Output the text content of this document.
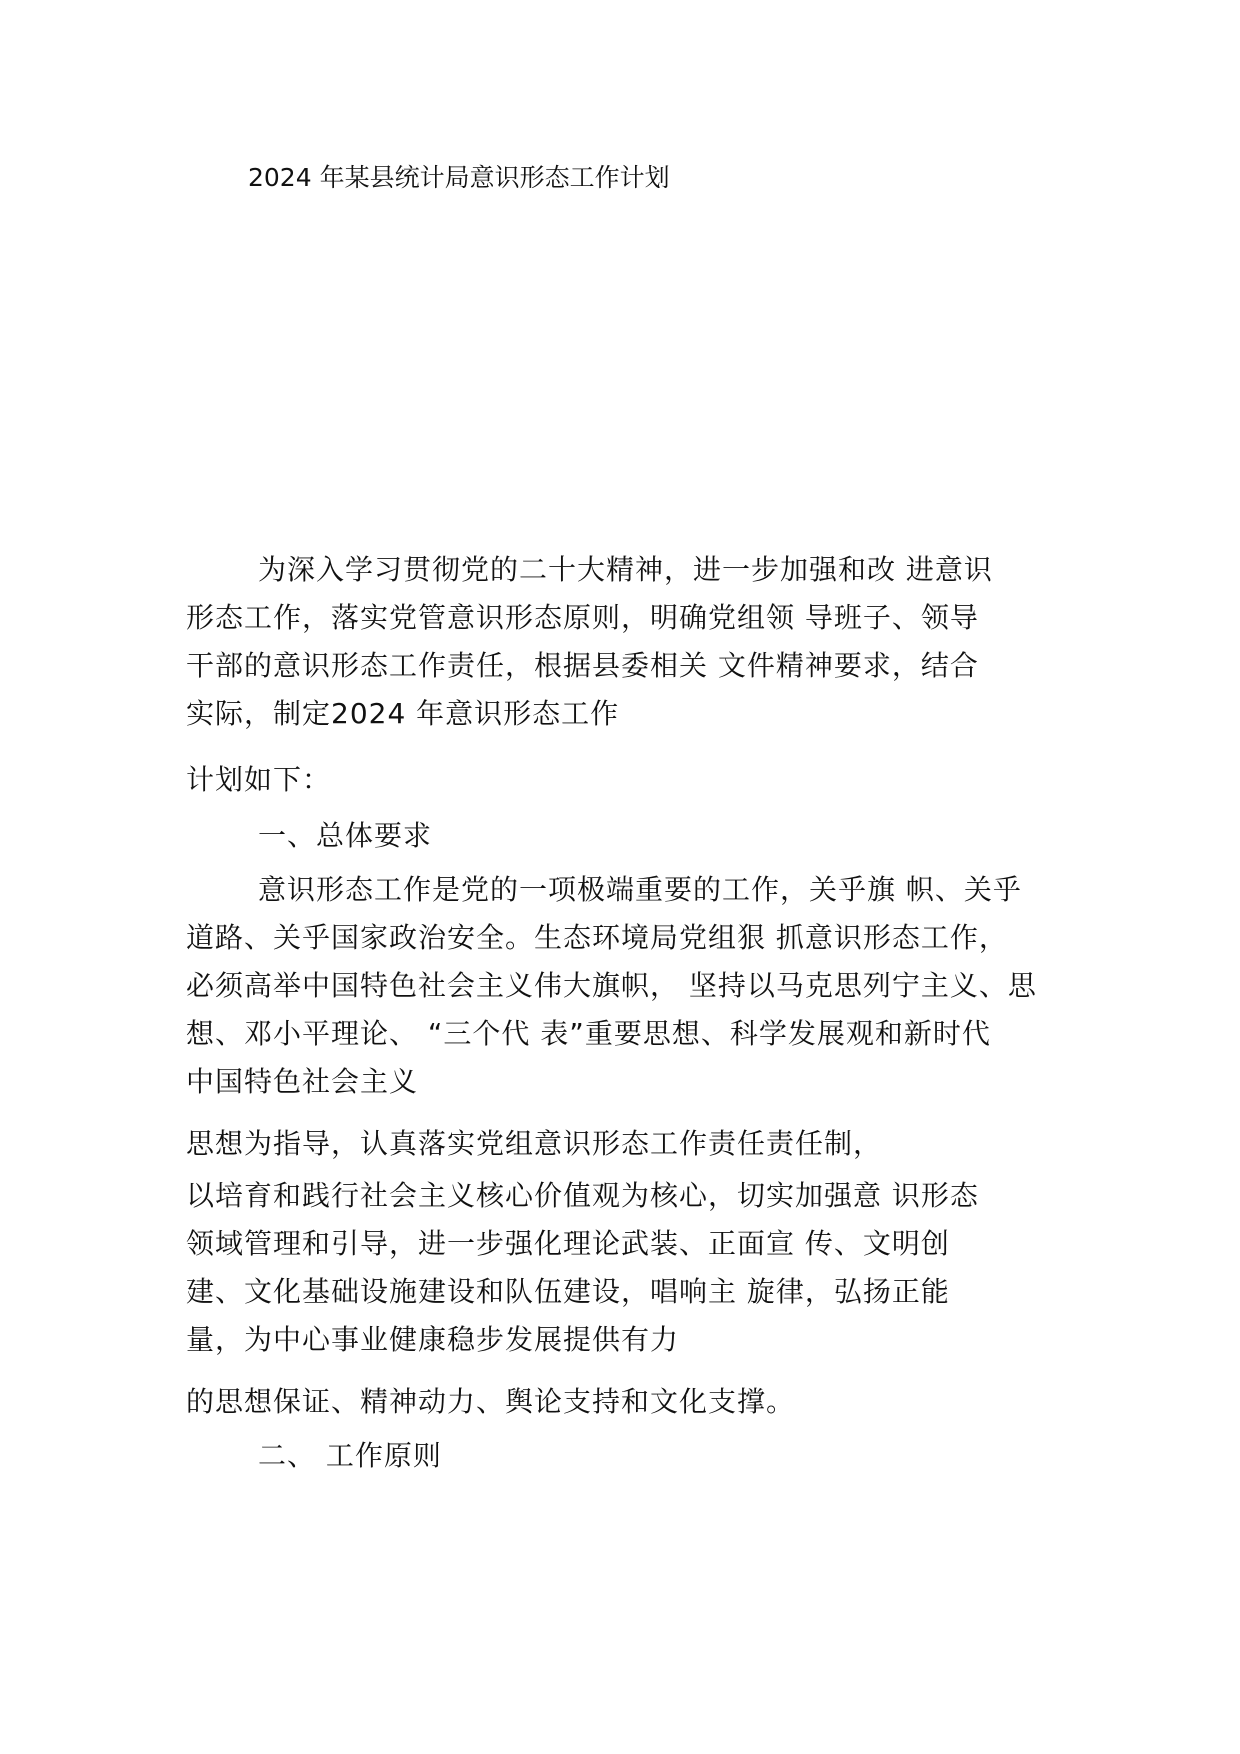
2024 年某县统计局意识形态工作计划
为深入学习贯彻党的二十大精神，进一步加强和改 进意识
形态工作，落实党管意识形态原则，明确党组领 导班子、领导
干部的意识形态工作责任，根据县委相关 文件精神要求，结合
实际，制定2024 年意识形态工作
计划如下：
一、总体要求
意识形态工作是党的一项极端重要的工作，关乎旗 帜、关乎
道路、关乎国家政治安全。生态环境局党组狠 抓意识形态工作，
必须高举中国特色社会主义伟大旗帜， 坚持以马克思列宁主义、思
想、邓小平理论、 “三个代 表”重要思想、科学发展观和新时代
中国特色社会主义
思想为指导，认真落实党组意识形态工作责任责任制，
以培育和践行社会主义核心价值观为核心，切实加强意 识形态
领域管理和引导，进一步强化理论武装、正面宣 传、文明创
建、文化基础设施建设和队伍建设，唱响主 旋律，弘扬正能
量，为中心事业健康稳步发展提供有力
的思想保证、精神动力、舆论支持和文化支撑。
二、 工作原则
